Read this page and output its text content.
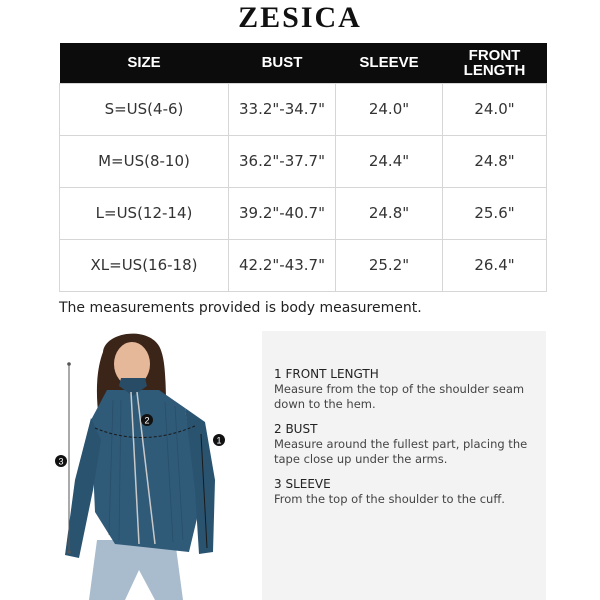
ZESICA
SIZE	BUST	SLEEVE	FRONT LENGTH
S=US(4-6)	33.2"-34.7"	24.0"	24.0"
M=US(8-10)	36.2"-37.7"	24.4"	24.8"
L=US(12-14)	39.2"-40.7"	24.8"	25.6"
XL=US(16-18)	42.2"-43.7"	25.2"	26.4"
The measurements provided is body measurement.
2
1
3
1 FRONT LENGTH
Measure from the top of the shoulder seam down to the hem.
2 BUST
Measure around the fullest part, placing the tape close up under the arms.
3 SLEEVE
From the top of the shoulder to the cuff.
